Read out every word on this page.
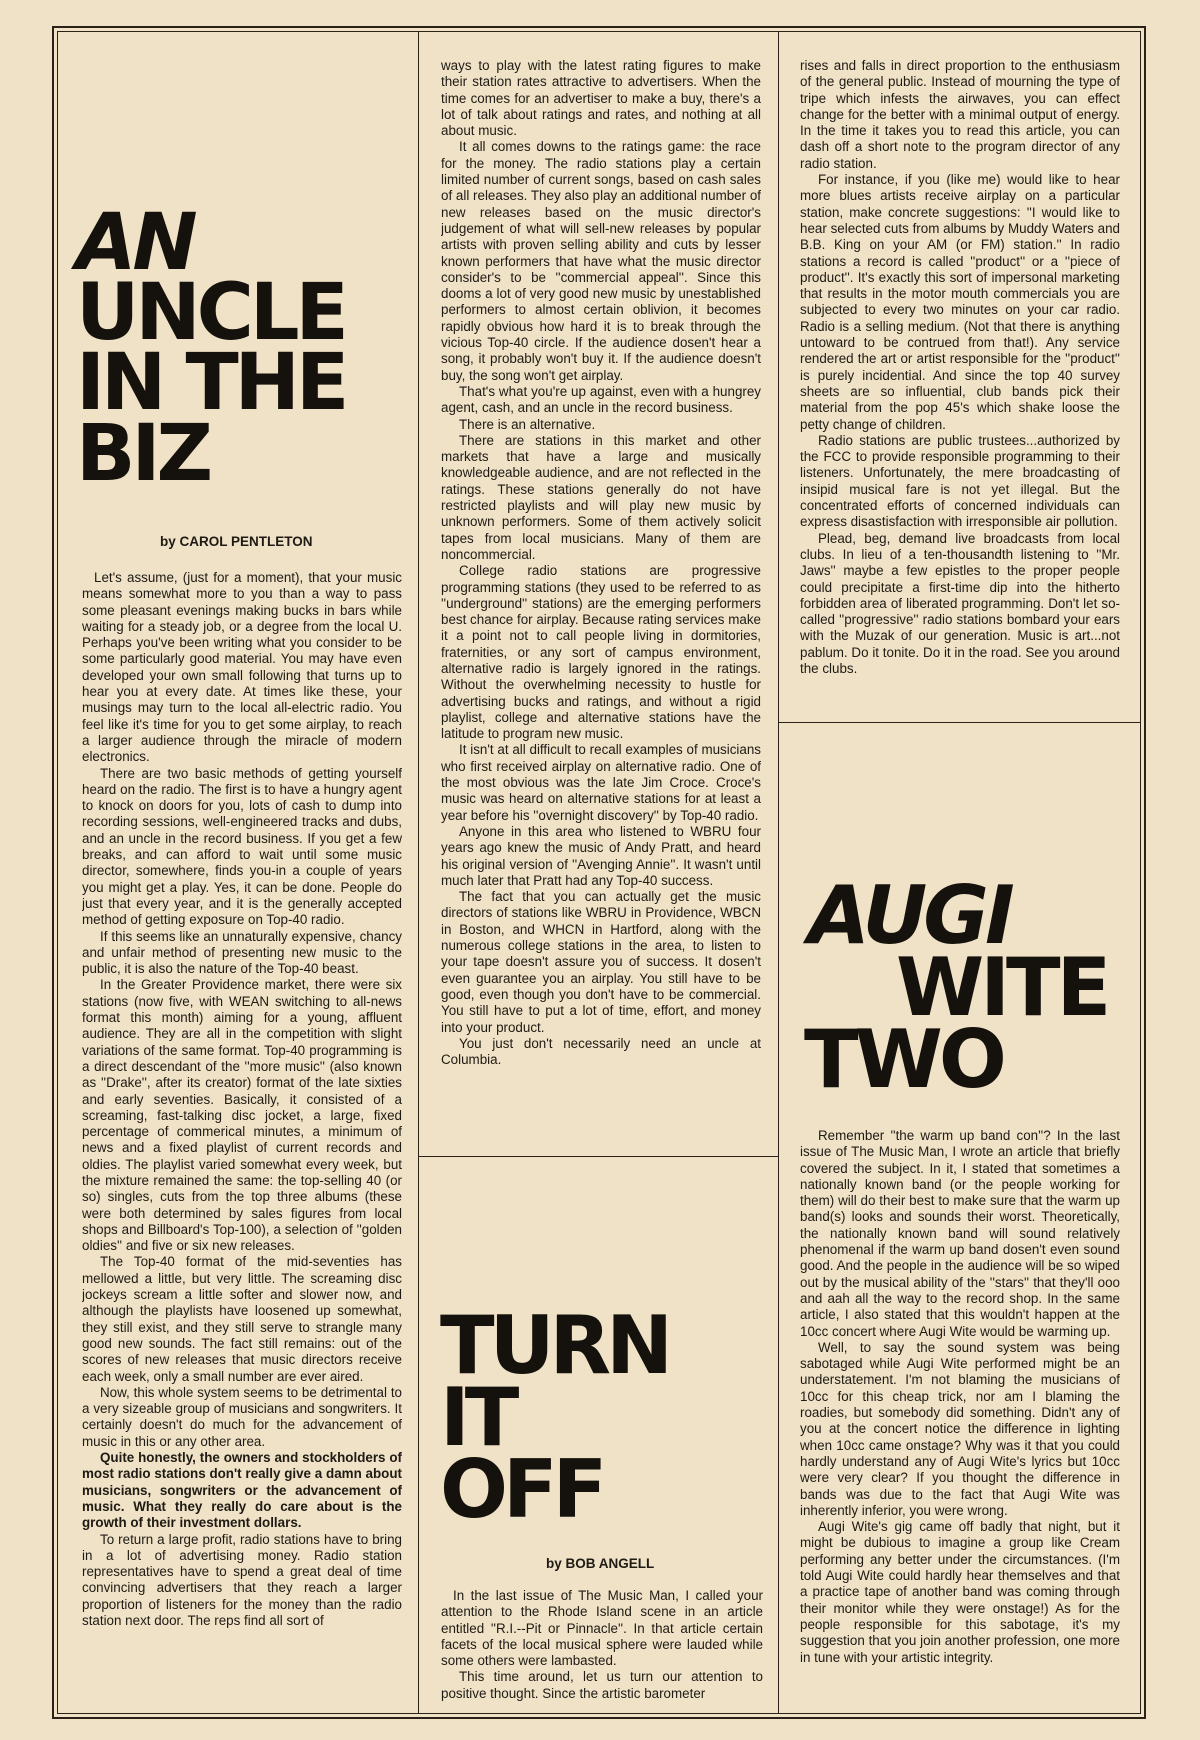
AN
UNCLE
IN THE
BIZ
by CAROL PENTLETON

Let's assume, (just for a moment), that your music means somewhat more to you than a way to pass some pleasant evenings making bucks in bars while waiting for a steady job, or a degree from the local U. Perhaps you've been writing what you consider to be some particularly good material. You may have even developed your own small following that turns up to hear you at every date. At times like these, your musings may turn to the local all-electric radio. You feel like it's time for you to get some airplay, to reach a larger audience through the miracle of modern electronics.

There are two basic methods of getting yourself heard on the radio. The first is to have a hungry agent to knock on doors for you, lots of cash to dump into recording sessions, well-engineered tracks and dubs, and an uncle in the record business. If you get a few breaks, and can afford to wait until some music director, somewhere, finds you-in a couple of years you might get a play. Yes, it can be done. People do just that every year, and it is the generally accepted method of getting exposure on Top-40 radio.

If this seems like an unnaturally expensive, chancy and unfair method of presenting new music to the public, it is also the nature of the Top-40 beast.

In the Greater Providence market, there were six stations (now five, with WEAN switching to all-news format this month) aiming for a young, affluent audience. They are all in the competition with slight variations of the same format. Top-40 programming is a direct descendant of the ''more music'' (also known as ''Drake'', after its creator) format of the late sixties and early seventies. Basically, it consisted of a screaming, fast-talking disc jocket, a large, fixed percentage of commerical minutes, a minimum of news and a fixed playlist of current records and oldies. The playlist varied somewhat every week, but the mixture remained the same: the top-selling 40 (or so) singles, cuts from the top three albums (these were both determined by sales figures from local shops and Billboard's Top-100), a selection of ''golden oldies'' and five or six new releases.

The Top-40 format of the mid-seventies has mellowed a little, but very little. The screaming disc jockeys scream a little softer and slower now, and although the playlists have loosened up somewhat, they still exist, and they still serve to strangle many good new sounds. The fact still remains: out of the scores of new releases that music directors receive each week, only a small number are ever aired.

Now, this whole system seems to be detrimental to a very sizeable group of musicians and songwriters. It certainly doesn't do much for the advancement of music in this or any other area.

Quite honestly, the owners and stockholders of most radio stations don't really give a damn about musicians, songwriters or the advancement of music. What they really do care about is the growth of their investment dollars.

To return a large profit, radio stations have to bring in a lot of advertising money. Radio station representatives have to spend a great deal of time convincing advertisers that they reach a larger proportion of listeners for the money than the radio station next door. The reps find all sort of

ways to play with the latest rating figures to make their station rates attractive to advertisers. When the time comes for an advertiser to make a buy, there's a lot of talk about ratings and rates, and nothing at all about music.

It all comes downs to the ratings game: the race for the money. The radio stations play a certain limited number of current songs, based on cash sales of all releases. They also play an additional number of new releases based on the music director's judgement of what will sell-new releases by popular artists with proven selling ability and cuts by lesser known performers that have what the music director consider's to be ''commercial appeal''. Since this dooms a lot of very good new music by unestablished performers to almost certain oblivion, it becomes rapidly obvious how hard it is to break through the vicious Top-40 circle. If the audience dosen't hear a song, it probably won't buy it. If the audience doesn't buy, the song won't get airplay.

That's what you're up against, even with a hungrey agent, cash, and an uncle in the record business.

There is an alternative.

There are stations in this market and other markets that have a large and musically knowledgeable audience, and are not reflected in the ratings. These stations generally do not have restricted playlists and will play new music by unknown performers. Some of them actively solicit tapes from local musicians. Many of them are noncommercial.

College radio stations are progressive programming stations (they used to be referred to as ''underground'' stations) are the emerging performers best chance for airplay. Because rating services make it a point not to call people living in dormitories, fraternities, or any sort of campus environment, alternative radio is largely ignored in the ratings. Without the overwhelming necessity to hustle for advertising bucks and ratings, and without a rigid playlist, college and alternative stations have the latitude to program new music.

It isn't at all difficult to recall examples of musicians who first received airplay on alternative radio. One of the most obvious was the late Jim Croce. Croce's music was heard on alternative stations for at least a year before his ''overnight discovery'' by Top-40 radio.

Anyone in this area who listened to WBRU four years ago knew the music of Andy Pratt, and heard his original version of ''Avenging Annie''. It wasn't until much later that Pratt had any Top-40 success.

The fact that you can actually get the music directors of stations like WBRU in Providence, WBCN in Boston, and WHCN in Hartford, along with the numerous college stations in the area, to listen to your tape doesn't assure you of success. It dosen't even guarantee you an airplay. You still have to be good, even though you don't have to be commercial. You still have to put a lot of time, effort, and money into your product.

You just don't necessarily need an uncle at Columbia.

rises and falls in direct proportion to the enthusiasm of the general public. Instead of mourning the type of tripe which infests the airwaves, you can effect change for the better with a minimal output of energy. In the time it takes you to read this article, you can dash off a short note to the program director of any radio station.

For instance, if you (like me) would like to hear more blues artists receive airplay on a particular station, make concrete suggestions: ''I would like to hear selected cuts from albums by Muddy Waters and B.B. King on your AM (or FM) station.'' In radio stations a record is called ''product'' or a ''piece of product''. It's exactly this sort of impersonal marketing that results in the motor mouth commercials you are subjected to every two minutes on your car radio. Radio is a selling medium. (Not that there is anything untoward to be contrued from that!). Any service rendered the art or artist responsible for the ''product'' is purely incidential. And since the top 40 survey sheets are so influential, club bands pick their material from the pop 45's which shake loose the petty change of children.

Radio stations are public trustees...authorized by the FCC to provide responsible programming to their listeners. Unfortunately, the mere broadcasting of insipid musical fare is not yet illegal. But the concentrated efforts of concerned individuals can express disastisfaction with irresponsible air pollution.

Plead, beg, demand live broadcasts from local clubs. In lieu of a ten-thousandth listening to ''Mr. Jaws'' maybe a few epistles to the proper people could precipitate a first-time dip into the hitherto forbidden area of liberated programming. Don't let so-called ''progressive'' radio stations bombard your ears with the Muzak of our generation. Music is art...not pablum. Do it tonite. Do it in the road. See you around the clubs.

TURN
IT
OFF
by BOB ANGELL

In the last issue of The Music Man, I called your attention to the Rhode Island scene in an article entitled ''R.I.--Pit or Pinnacle''. In that article certain facets of the local musical sphere were lauded while some others were lambasted.

This time around, let us turn our attention to positive thought. Since the artistic barometer

AUGI
WITE
TWO

Remember ''the warm up band con''? In the last issue of The Music Man, I wrote an article that briefly covered the subject. In it, I stated that sometimes a nationally known band (or the people working for them) will do their best to make sure that the warm up band(s) looks and sounds their worst. Theoretically, the nationally known band will sound relatively phenomenal if the warm up band dosen't even sound good. And the people in the audience will be so wiped out by the musical ability of the ''stars'' that they'll ooo and aah all the way to the record shop. In the same article, I also stated that this wouldn't happen at the 10cc concert where Augi Wite would be warming up.

Well, to say the sound system was being sabotaged while Augi Wite performed might be an understatement. I'm not blaming the musicians of 10cc for this cheap trick, nor am I blaming the roadies, but somebody did something. Didn't any of you at the concert notice the difference in lighting when 10cc came onstage? Why was it that you could hardly understand any of Augi Wite's lyrics but 10cc were very clear? If you thought the difference in bands was due to the fact that Augi Wite was inherently inferior, you were wrong.

Augi Wite's gig came off badly that night, but it might be dubious to imagine a group like Cream performing any better under the circumstances. (I'm told Augi Wite could hardly hear themselves and that a practice tape of another band was coming through their monitor while they were onstage!) As for the people responsible for this sabotage, it's my suggestion that you join another profession, one more in tune with your artistic integrity.
